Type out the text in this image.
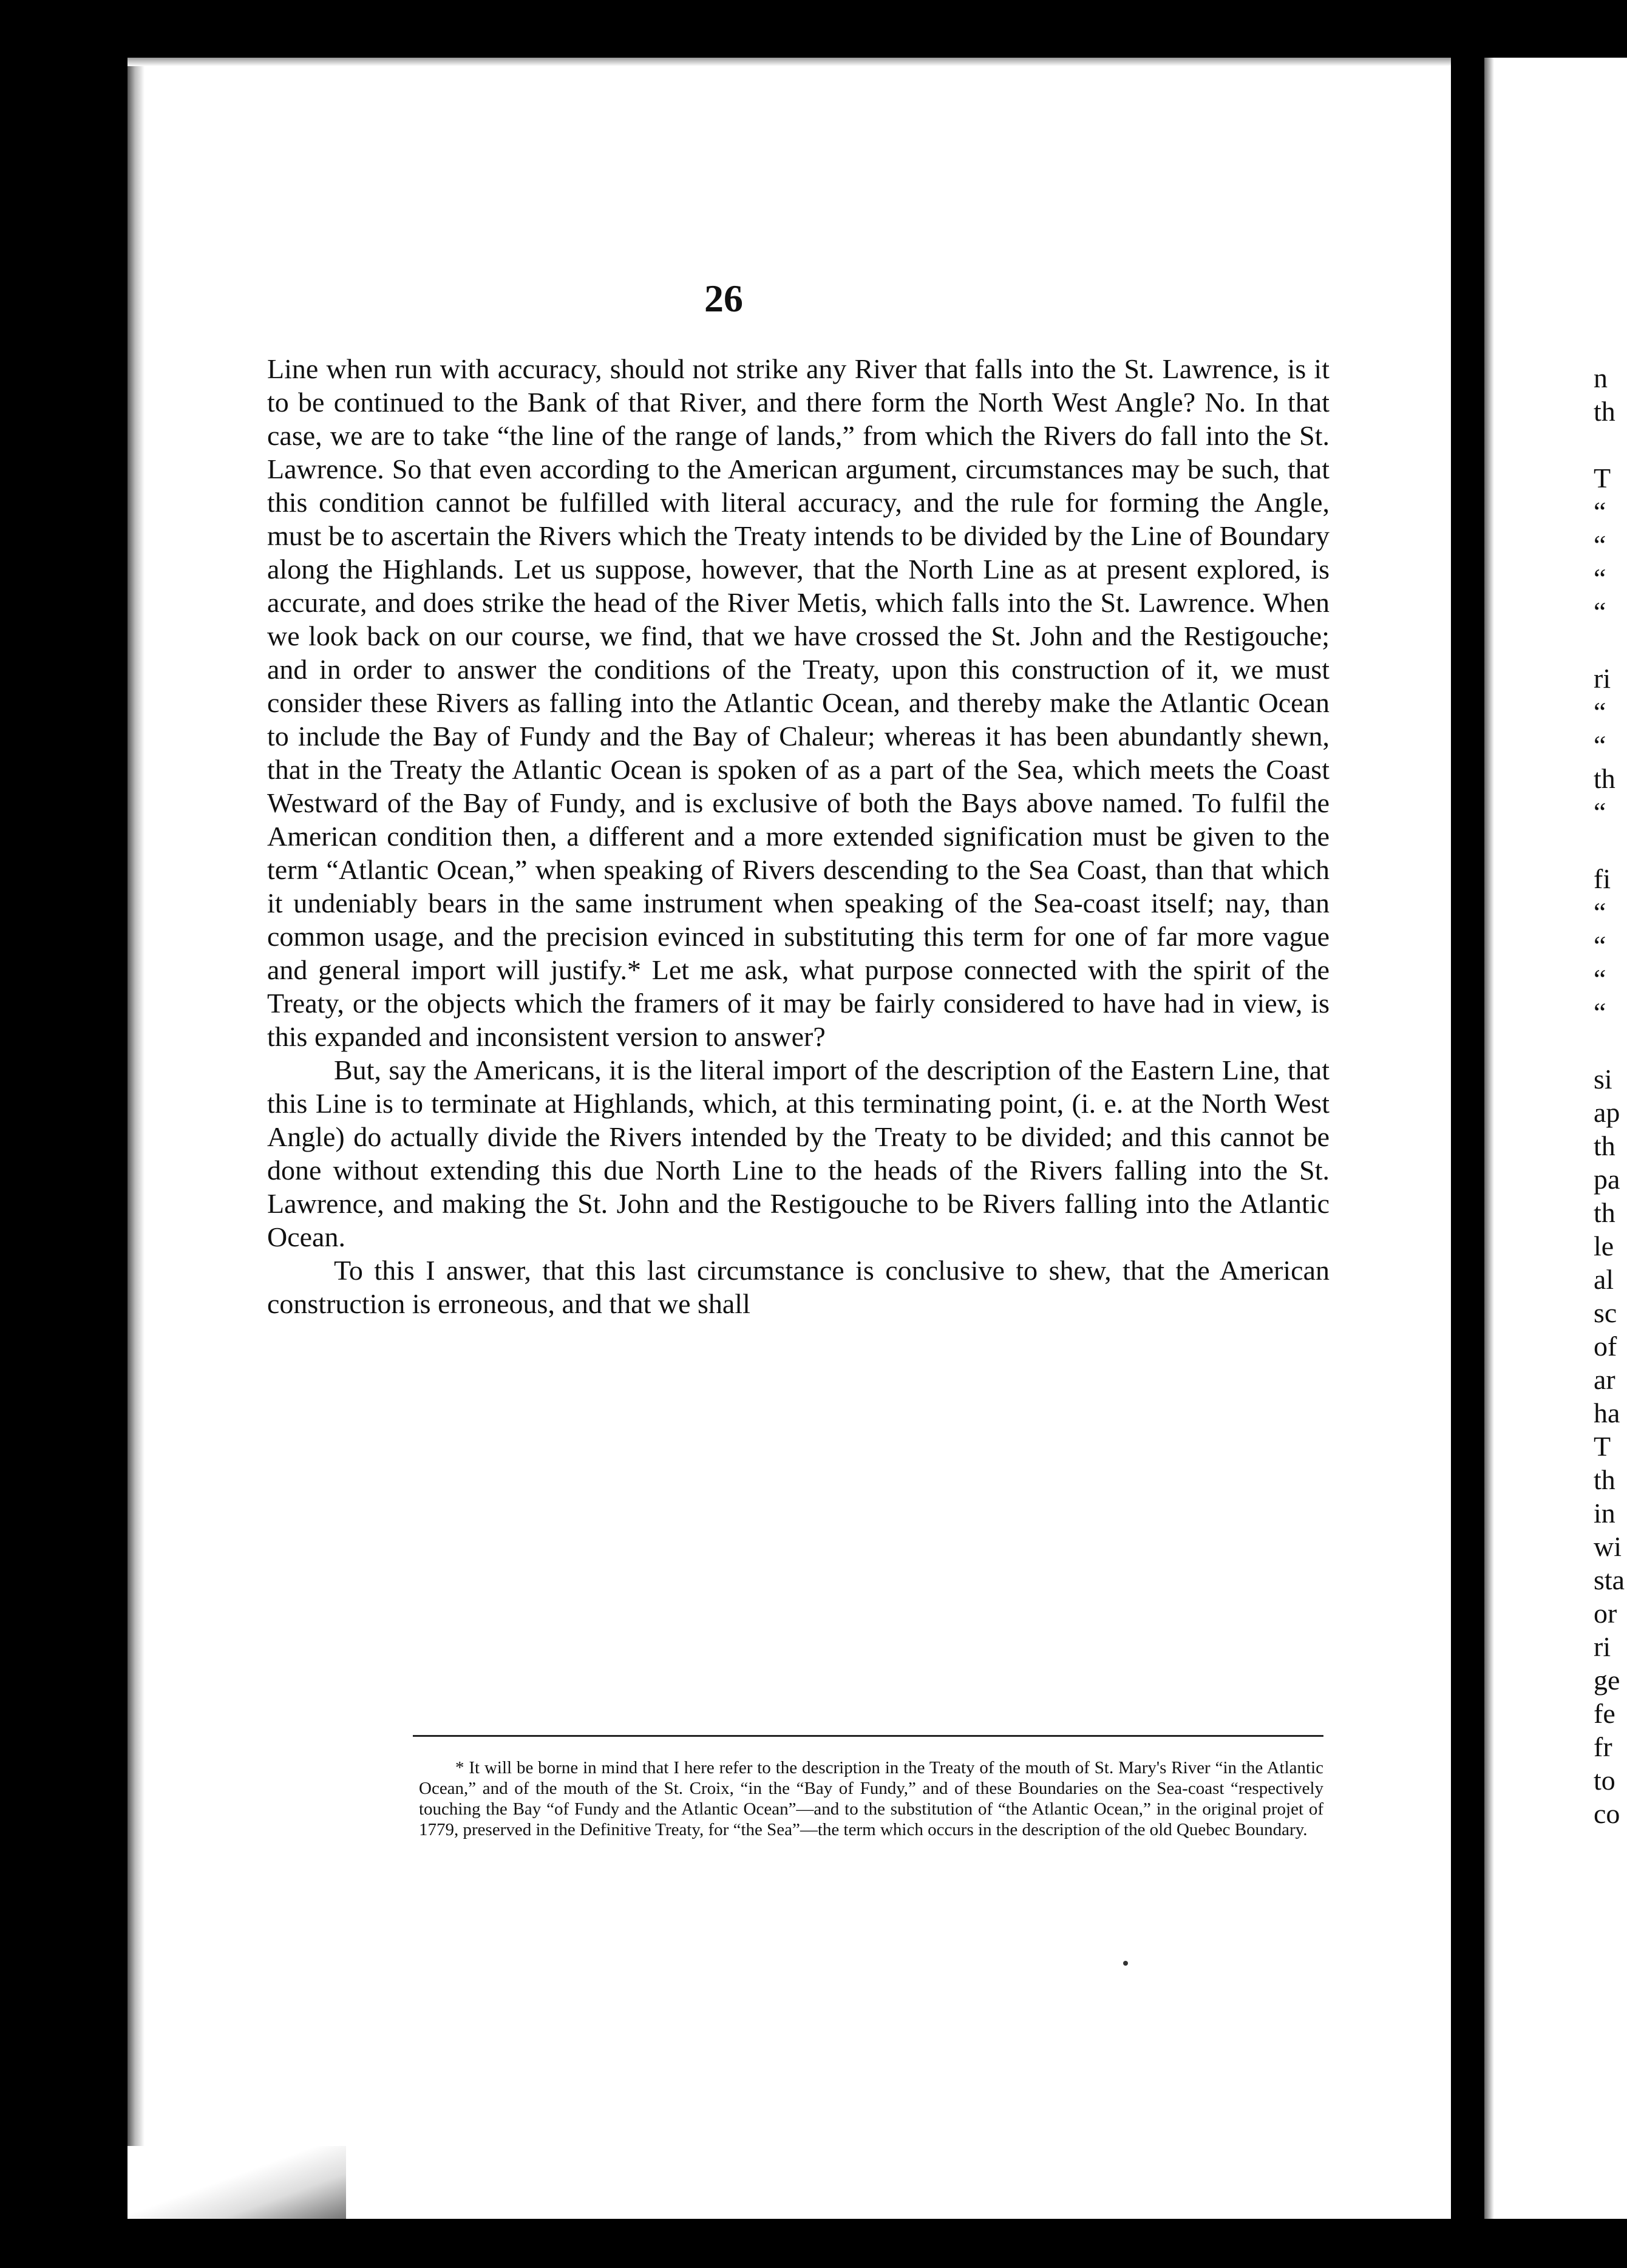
26

Line when run with accuracy, should not strike any River that falls into the St. Lawrence, is it to be continued to the Bank of that River, and there form the North West Angle? No. In that case, we are to take “the line of the range of lands,” from which the Rivers do fall into the St. Lawrence. So that even according to the American argument, circumstances may be such, that this condition cannot be fulfilled with literal accuracy, and the rule for forming the Angle, must be to ascertain the Rivers which the Treaty intends to be divided by the Line of Boundary along the Highlands. Let us suppose, however, that the North Line as at present explored, is accurate, and does strike the head of the River Metis, which falls into the St. Lawrence. When we look back on our course, we find, that we have crossed the St. John and the Restigouche; and in order to answer the conditions of the Treaty, upon this construction of it, we must consider these Rivers as falling into the Atlantic Ocean, and thereby make the Atlantic Ocean to include the Bay of Fundy and the Bay of Chaleur; whereas it has been abundantly shewn, that in the Treaty the Atlantic Ocean is spoken of as a part of the Sea, which meets the Coast Westward of the Bay of Fundy, and is exclusive of both the Bays above named. To fulfil the American condition then, a different and a more extended signification must be given to the term “Atlantic Ocean,” when speaking of Rivers descending to the Sea Coast, than that which it undeniably bears in the same instrument when speaking of the Sea-coast itself; nay, than common usage, and the precision evinced in substituting this term for one of far more vague and general import will justify.* Let me ask, what purpose connected with the spirit of the Treaty, or the objects which the framers of it may be fairly considered to have had in view, is this expanded and inconsistent version to answer?

But, say the Americans, it is the literal import of the description of the Eastern Line, that this Line is to terminate at Highlands, which, at this terminating point, (i. e. at the North West Angle) do actually divide the Rivers intended by the Treaty to be divided; and this cannot be done without extending this due North Line to the heads of the Rivers falling into the St. Lawrence, and making the St. John and the Restigouche to be Rivers falling into the Atlantic Ocean.

To this I answer, that this last circumstance is conclusive to shew, that the American construction is erroneous, and that we shall

* It will be borne in mind that I here refer to the description in the Treaty of the mouth of St. Mary's River “in the Atlantic Ocean,” and of the mouth of the St. Croix, “in the “Bay of Fundy,” and of these Boundaries on the Sea-coast “respectively touching the Bay “of Fundy and the Atlantic Ocean”—and to the substitution of “the Atlantic Ocean,” in the original projet of 1779, preserved in the Definitive Treaty, for “the Sea”—the term which occurs in the description of the old Quebec Boundary.

n
th
T
“
“
“
“
ri
“
“
th
“
fi
“
“
“
“
si
ap
th
pa
th
le
al
sc
of
ar
ha
T
th
in
wi
sta
or
ri
ge
fe
fr
to
co
